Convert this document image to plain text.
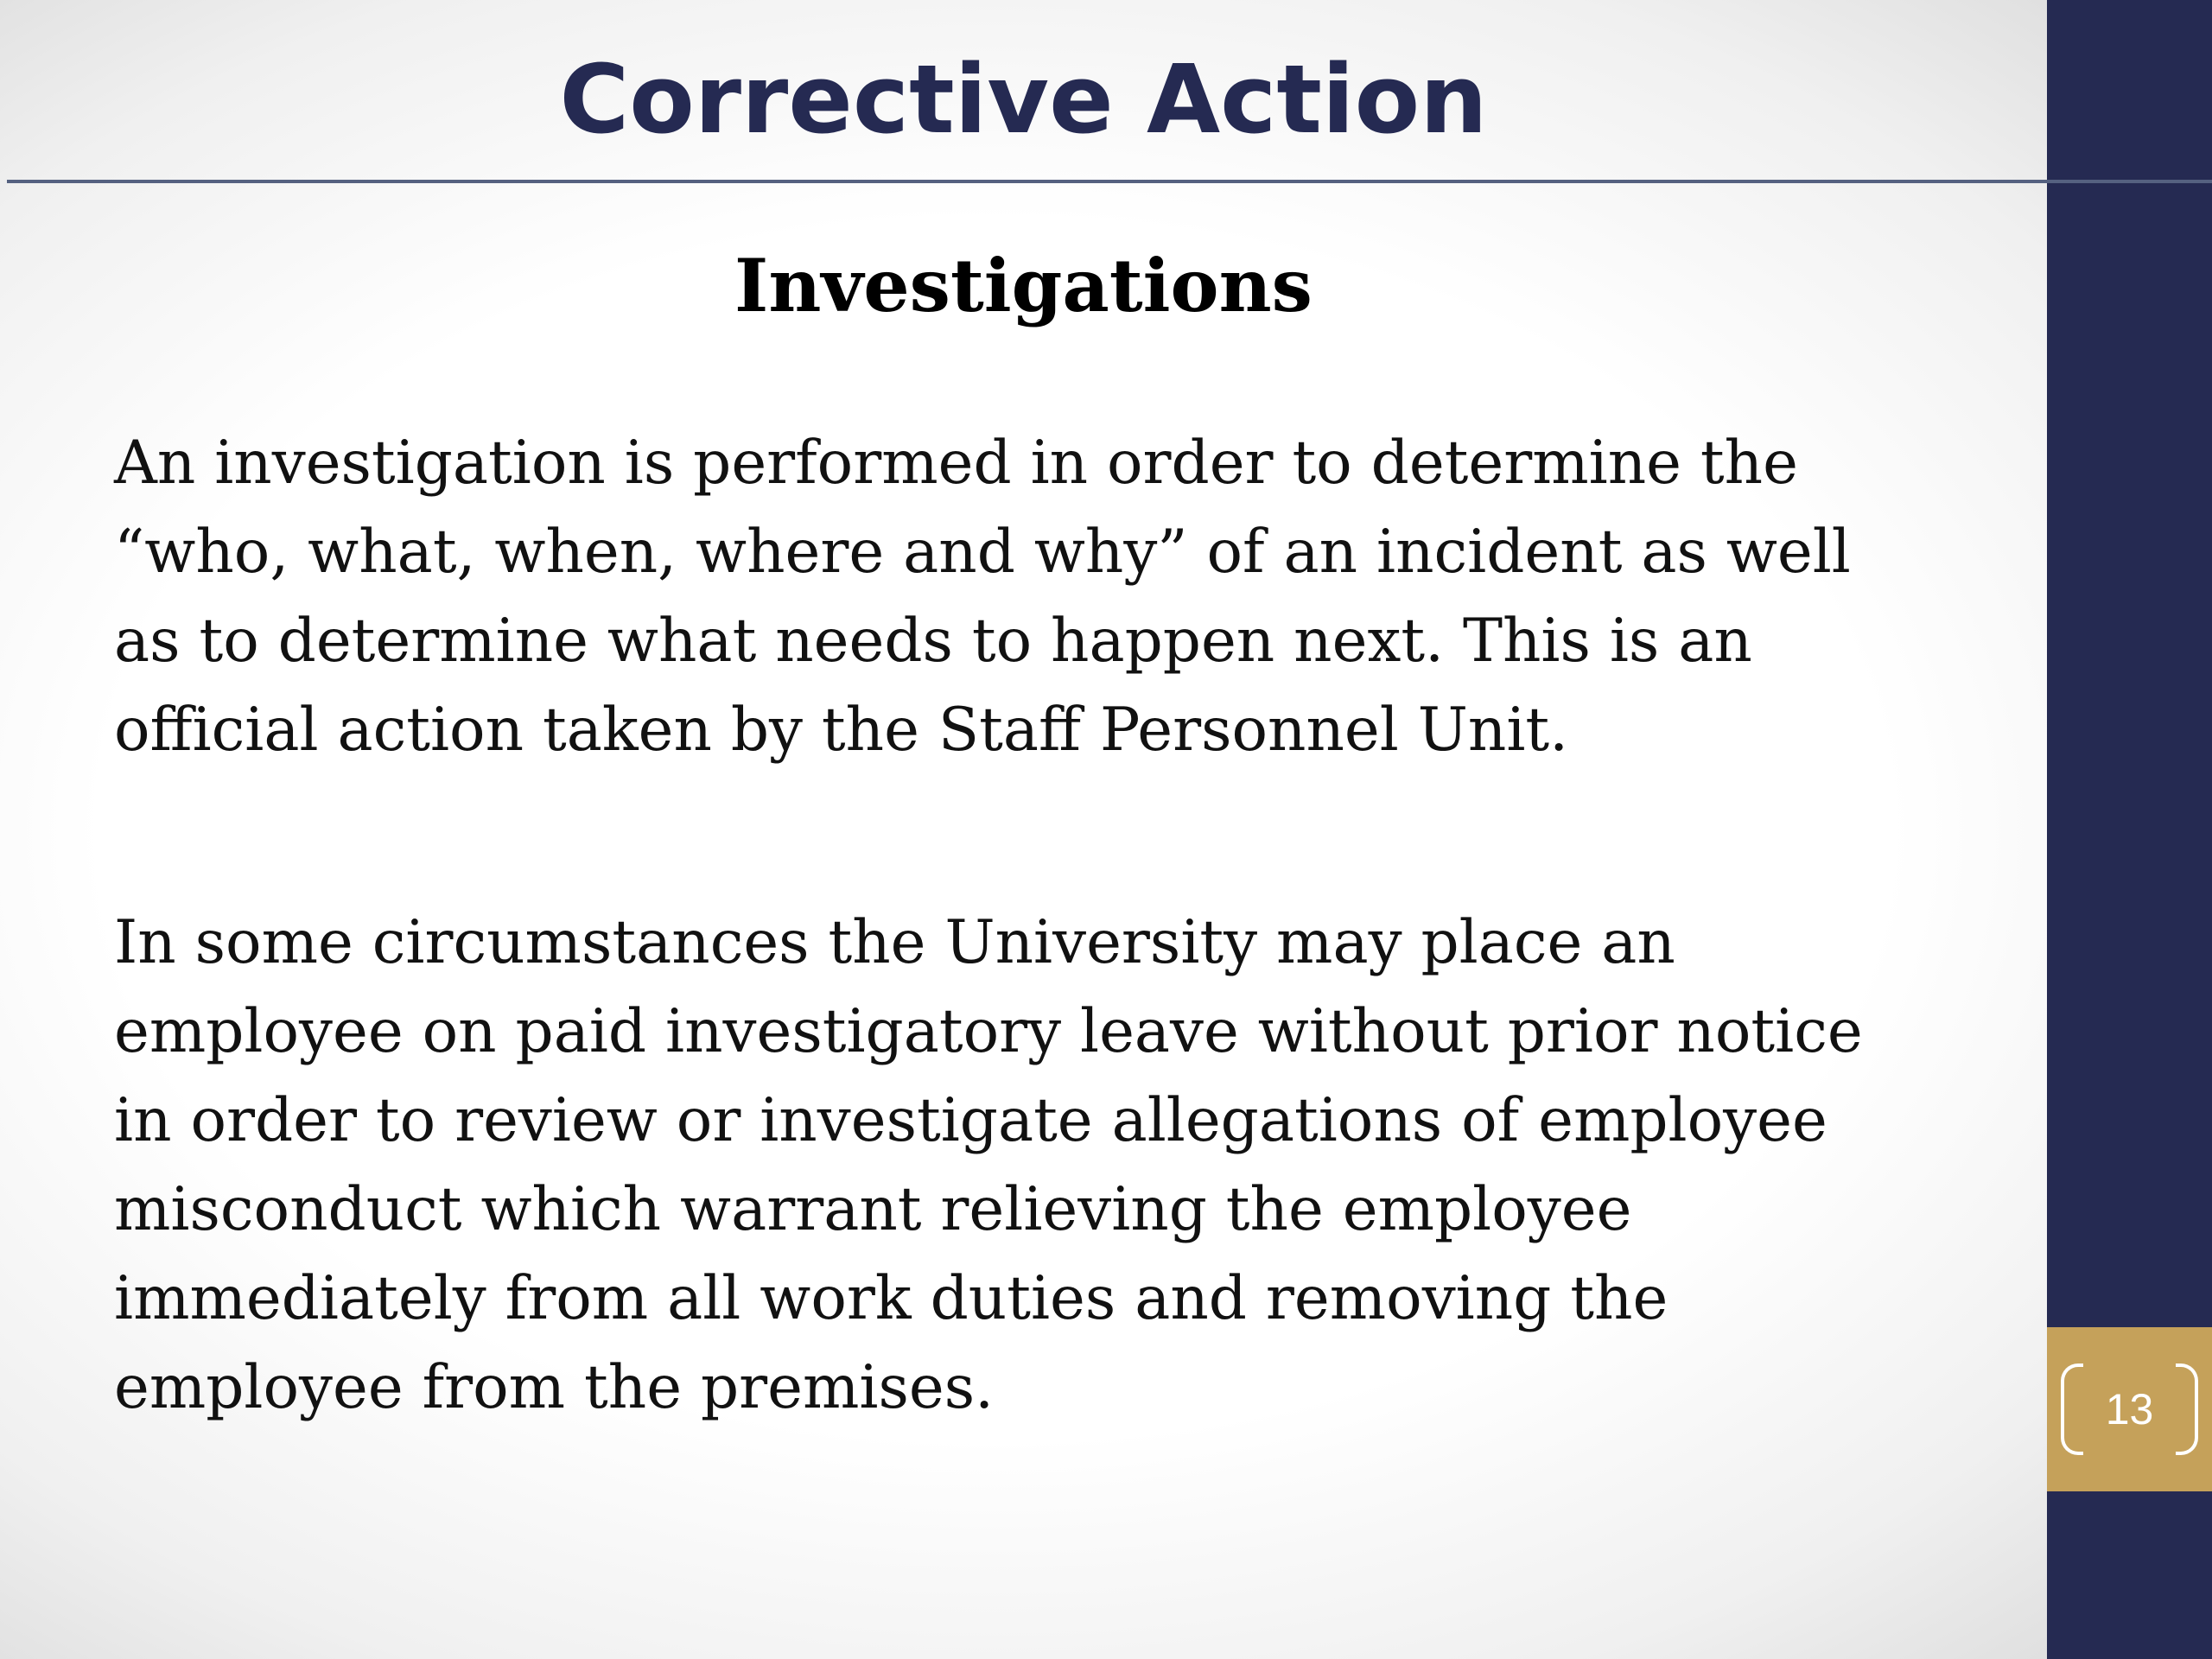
13
Corrective Action
Investigations

An investigation is performed in order to determine the
“who, what, when, where and why” of an incident as well
as to determine what needs to happen next. This is an
official action taken by the Staff Personnel Unit.

In some circumstances the University may place an
employee on paid investigatory leave without prior notice
in order to review or investigate allegations of employee
misconduct which warrant relieving the employee
immediately from all work duties and removing the
employee from the premises.
